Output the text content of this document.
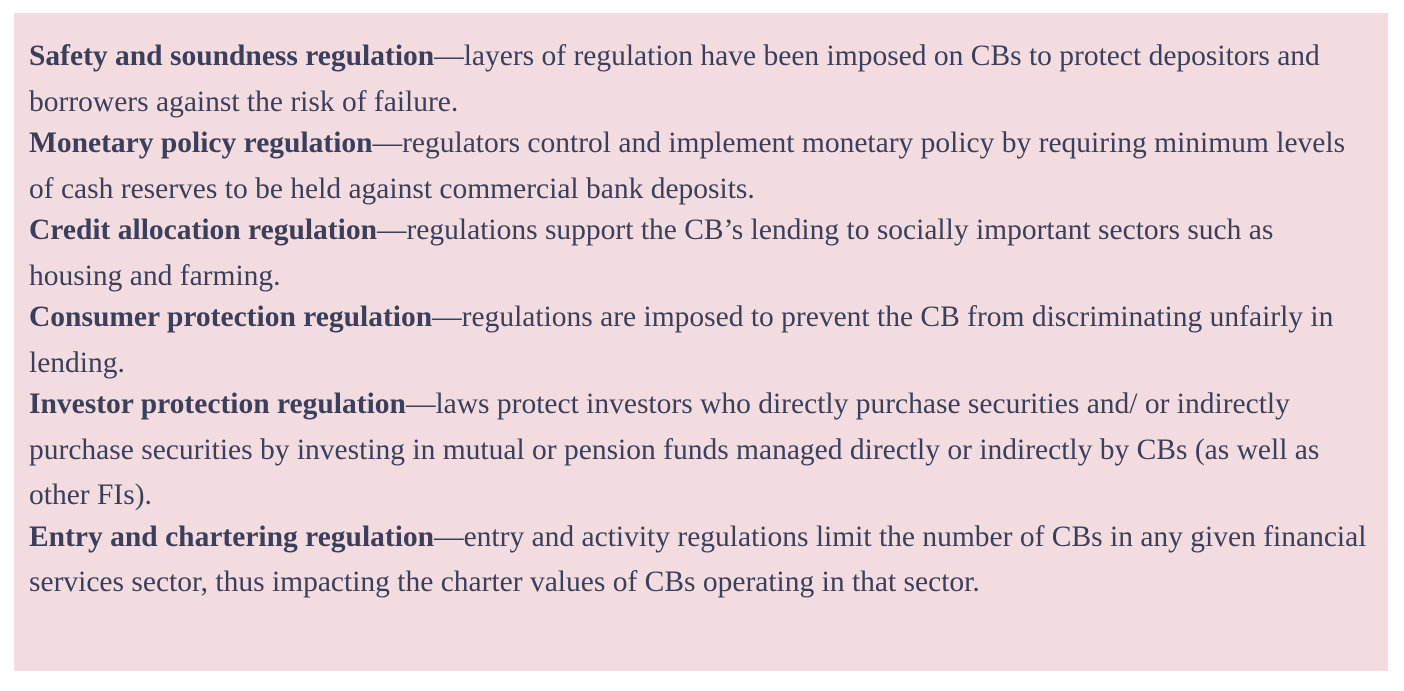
Safety and soundness regulation—layers of regulation have been imposed on CBs to protect depositors and borrowers against the risk of failure.

Monetary policy regulation—regulators control and implement monetary policy by requiring minimum levels of cash reserves to be held against commercial bank deposits.

Credit allocation regulation—regulations support the CB’s lending to socially important sectors such as housing and farming.

Consumer protection regulation—regulations are imposed to prevent the CB from discriminating unfairly in lending.

Investor protection regulation—laws protect investors who directly purchase securities and/ or indirectly purchase securities by investing in mutual or pension funds managed directly or indirectly by CBs (as well as other FIs).

Entry and chartering regulation—entry and activity regulations limit the number of CBs in any given financial services sector, thus impacting the charter values of CBs operating in that sector.
